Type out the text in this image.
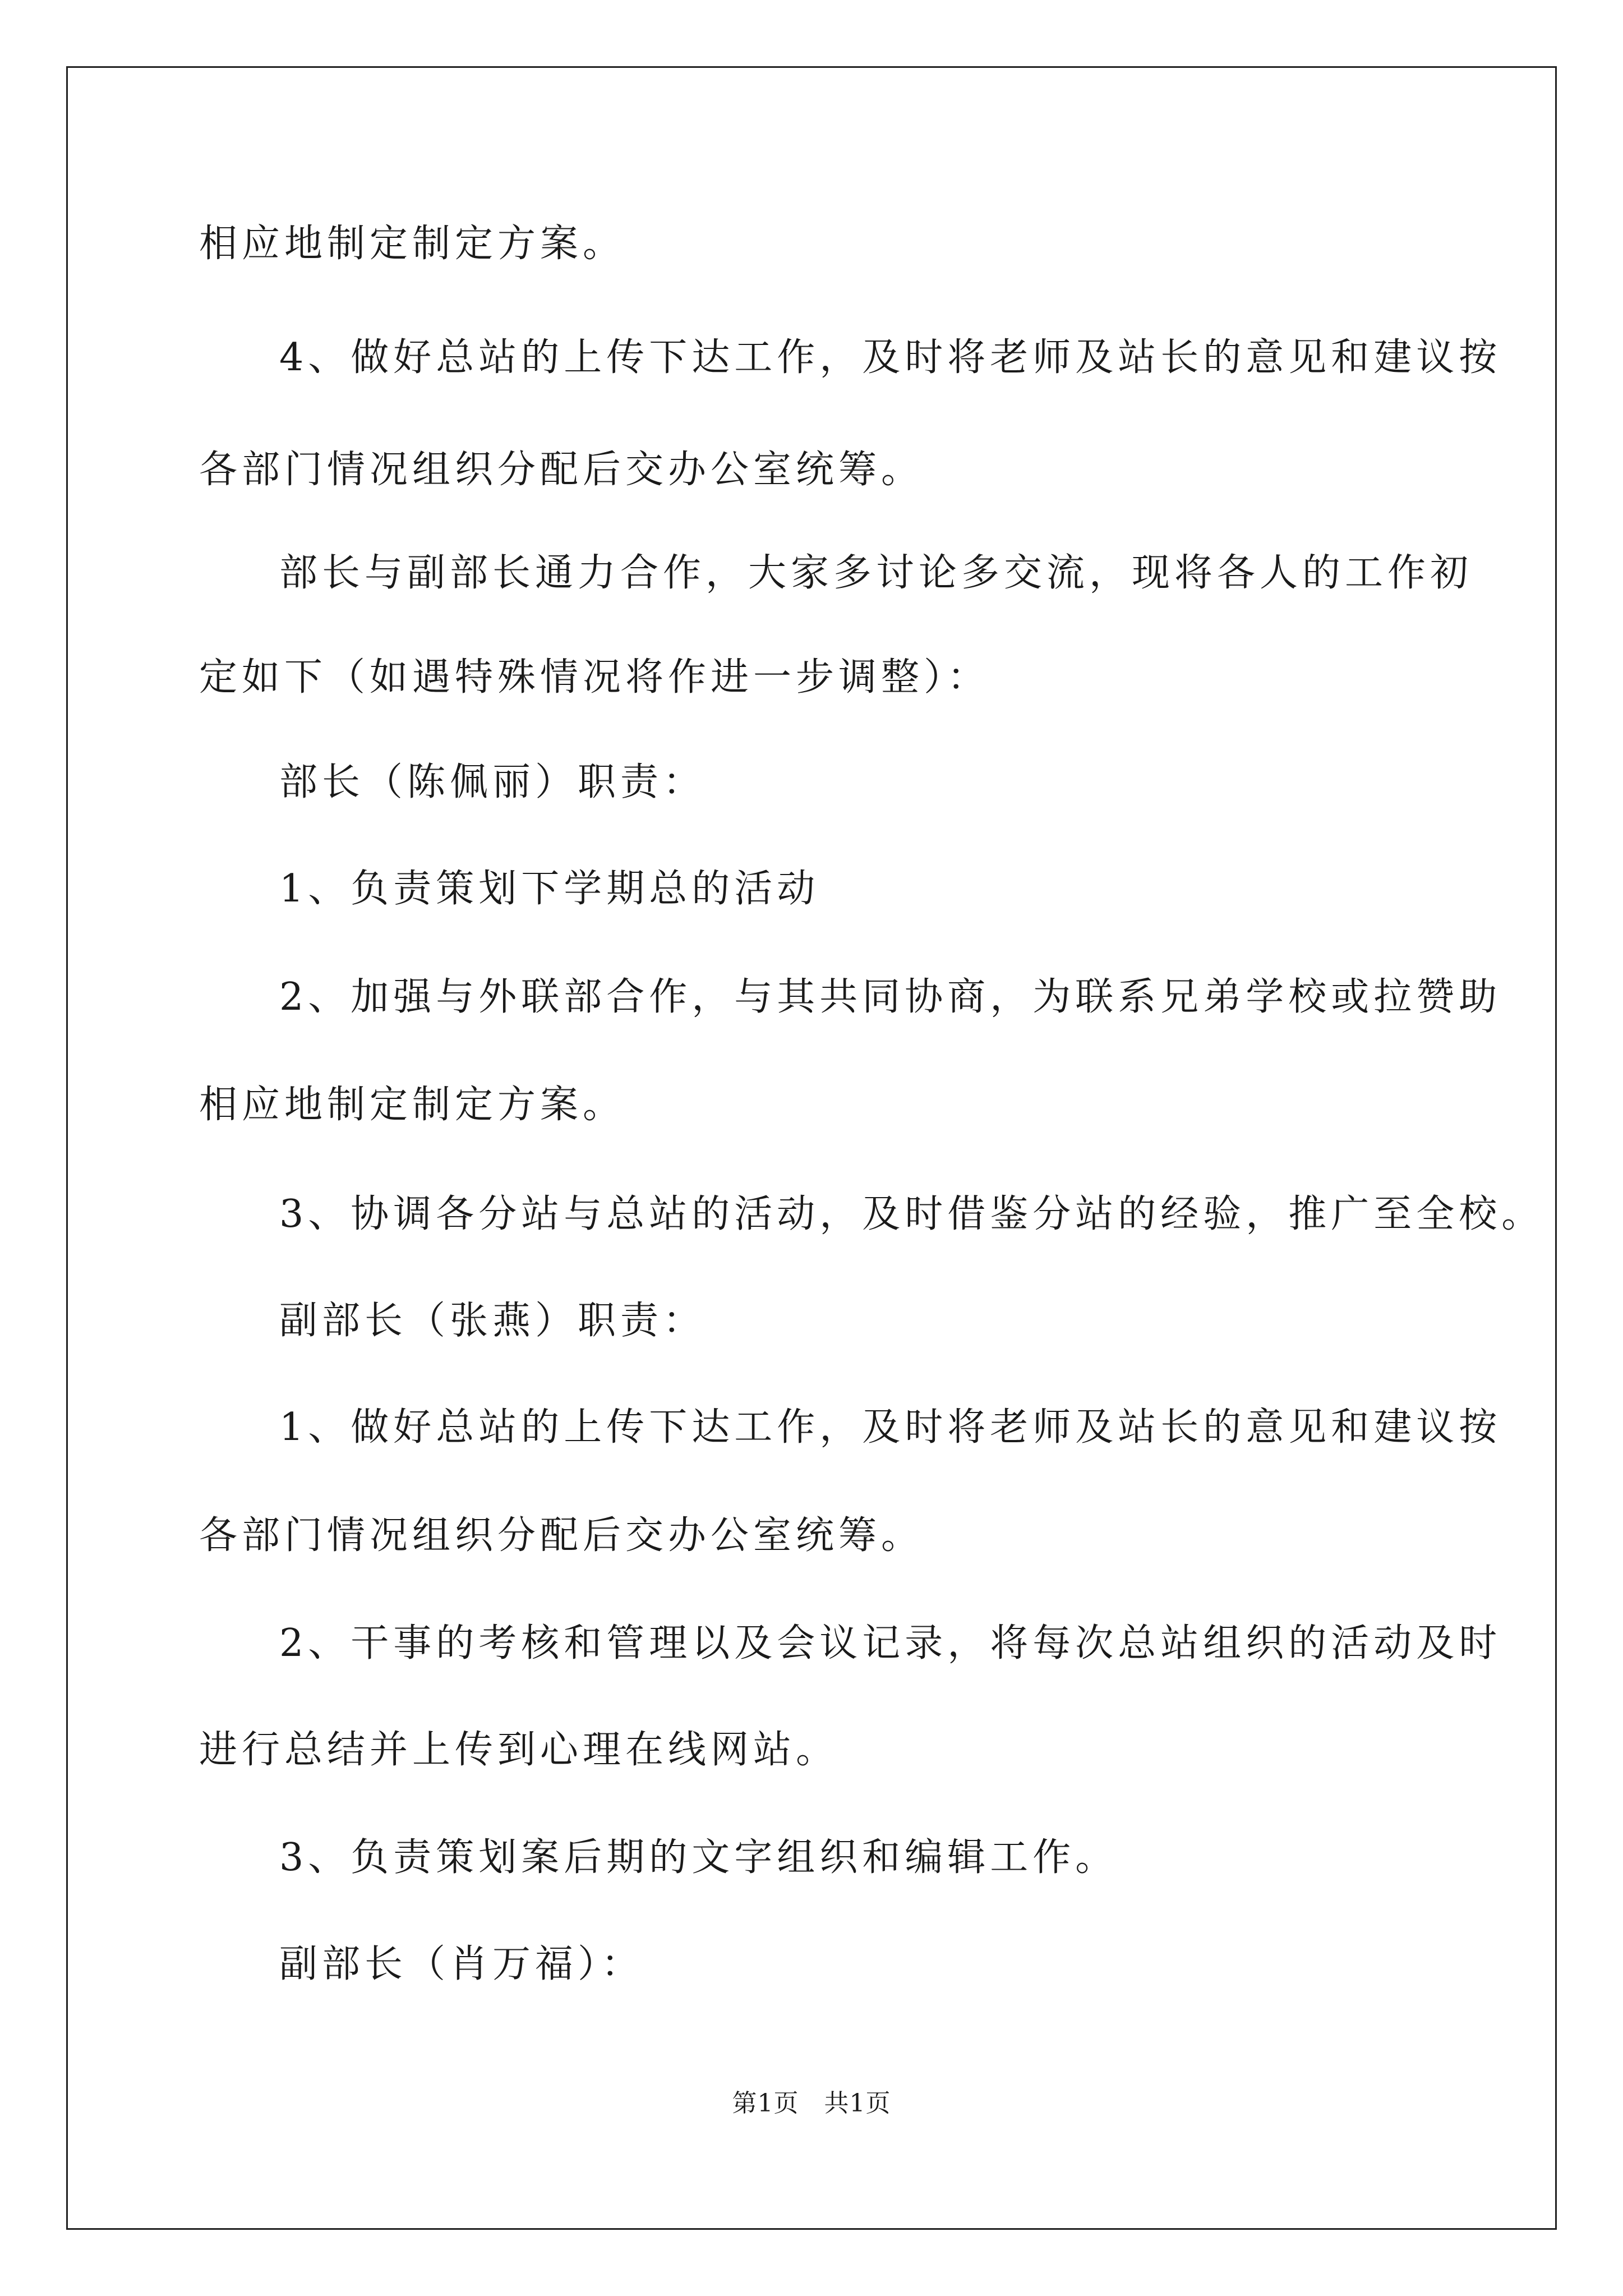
相应地制定制定方案。
4、做好总站的上传下达工作，及时将老师及站长的意见和建议按
各部门情况组织分配后交办公室统筹。
部长与副部长通力合作，大家多讨论多交流，现将各人的工作初
定如下（如遇特殊情况将作进一步调整）：
部长（陈佩丽）职责：
1、负责策划下学期总的活动
2、加强与外联部合作，与其共同协商，为联系兄弟学校或拉赞助
相应地制定制定方案。
3、协调各分站与总站的活动，及时借鉴分站的经验，推广至全校。
副部长（张燕）职责：
1、做好总站的上传下达工作，及时将老师及站长的意见和建议按
各部门情况组织分配后交办公室统筹。
2、干事的考核和管理以及会议记录，将每次总站组织的活动及时
进行总结并上传到心理在线网站。
3、负责策划案后期的文字组织和编辑工作。
副部长（肖万福）：
第1页　共1页
